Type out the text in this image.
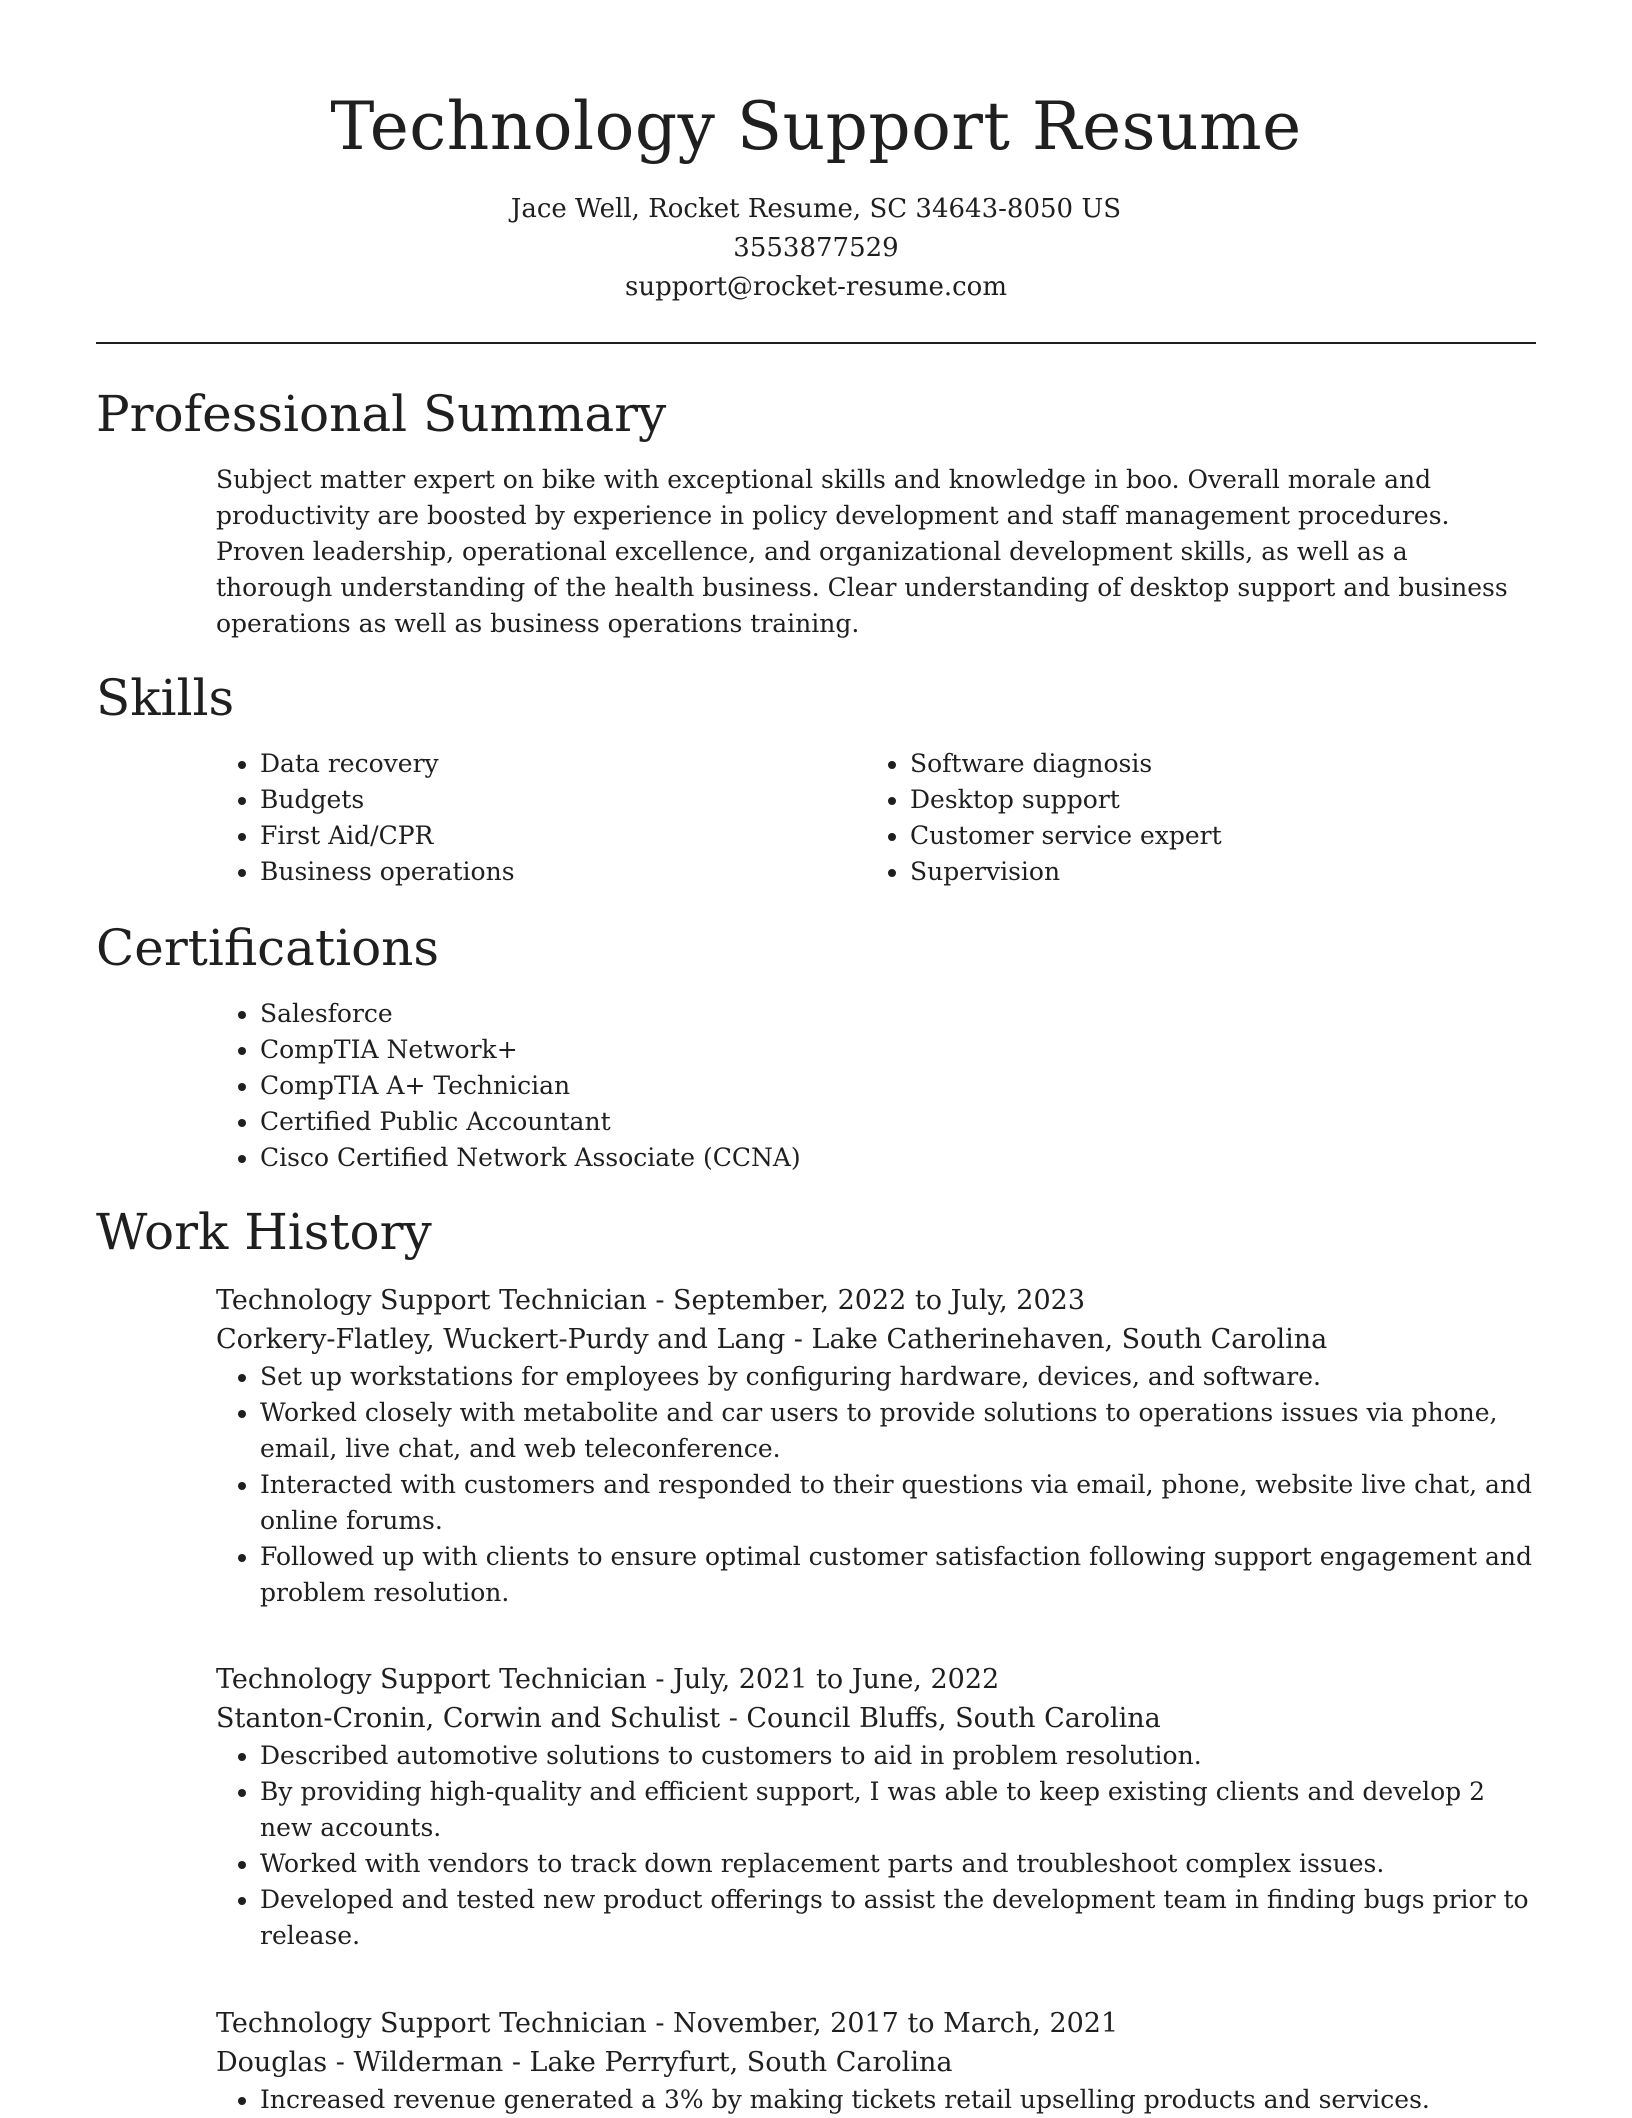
Technology Support Resume
Jace Well, Rocket Resume, SC 34643-8050 US
3553877529
support@rocket-resume.com
Professional Summary

Subject matter expert on bike with exceptional skills and knowledge in boo. Overall morale and productivity are boosted by experience in policy development and staff management procedures. Proven leadership, operational excellence, and organizational development skills, as well as a thorough understanding of the health business. Clear understanding of desktop support and business operations as well as business operations training.

Skills
• Data recovery
• Budgets
• First Aid/CPR
• Business operations
• Software diagnosis
• Desktop support
• Customer service expert
• Supervision
Certifications
• Salesforce
• CompTIA Network+
• CompTIA A+ Technician
• Certified Public Accountant
• Cisco Certified Network Associate (CCNA)
Work History

Technology Support Technician - September, 2022 to July, 2023

Corkery-Flatley, Wuckert-Purdy and Lang - Lake Catherinehaven, South Carolina

• Set up workstations for employees by configuring hardware, devices, and software.
• Worked closely with metabolite and car users to provide solutions to operations issues via phone, email, live chat, and web teleconference.
• Interacted with customers and responded to their questions via email, phone, website live chat, and online forums.
• Followed up with clients to ensure optimal customer satisfaction following support engagement and problem resolution.

Technology Support Technician - July, 2021 to June, 2022

Stanton-Cronin, Corwin and Schulist - Council Bluffs, South Carolina

• Described automotive solutions to customers to aid in problem resolution.
• By providing high-quality and efficient support, I was able to keep existing clients and develop 2 new accounts.
• Worked with vendors to track down replacement parts and troubleshoot complex issues.
• Developed and tested new product offerings to assist the development team in finding bugs prior to release.

Technology Support Technician - November, 2017 to March, 2021

Douglas - Wilderman - Lake Perryfurt, South Carolina

• Increased revenue generated a 3% by making tickets retail upselling products and services.
